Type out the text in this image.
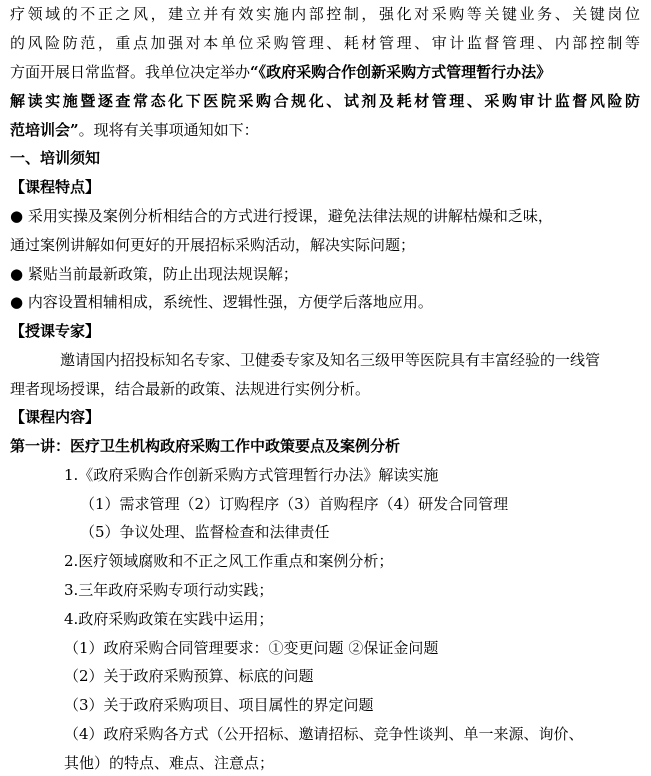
疗领域的不正之风，建立并有效实施内部控制，强化对采购等关键业务、关键岗位
的风险防范，重点加强对本单位采购管理、耗材管理、审计监督管理、内部控制等
方面开展日常监督。我单位决定举办“《政府采购合作创新采购方式管理暂行办法》
解读实施暨逐查常态化下医院采购合规化、试剂及耗材管理、采购审计监督风险防
范培训会”。现将有关事项通知如下：
一、培训须知
【课程特点】
● 采用实操及案例分析相结合的方式进行授课，避免法律法规的讲解枯燥和乏味，
通过案例讲解如何更好的开展招标采购活动，解决实际问题；
● 紧贴当前最新政策，防止出现法规误解；
● 内容设置相辅相成，系统性、逻辑性强，方便学后落地应用。
【授课专家】
邀请国内招投标知名专家、卫健委专家及知名三级甲等医院具有丰富经验的一线管
理者现场授课，结合最新的政策、法规进行实例分析。
【课程内容】
第一讲：医疗卫生机构政府采购工作中政策要点及案例分析
1.《政府采购合作创新采购方式管理暂行办法》解读实施
（1）需求管理（2）订购程序（3）首购程序（4）研发合同管理
（5）争议处理、监督检查和法律责任
2.医疗领域腐败和不正之风工作重点和案例分析；
3.三年政府采购专项行动实践；
4.政府采购政策在实践中运用；
（1）政府采购合同管理要求：①变更问题 ②保证金问题
（2）关于政府采购预算、标底的问题
（3）关于政府采购项目、项目属性的界定问题
（4）政府采购各方式（公开招标、邀请招标、竞争性谈判、单一来源、询价、
其他）的特点、难点、注意点；
